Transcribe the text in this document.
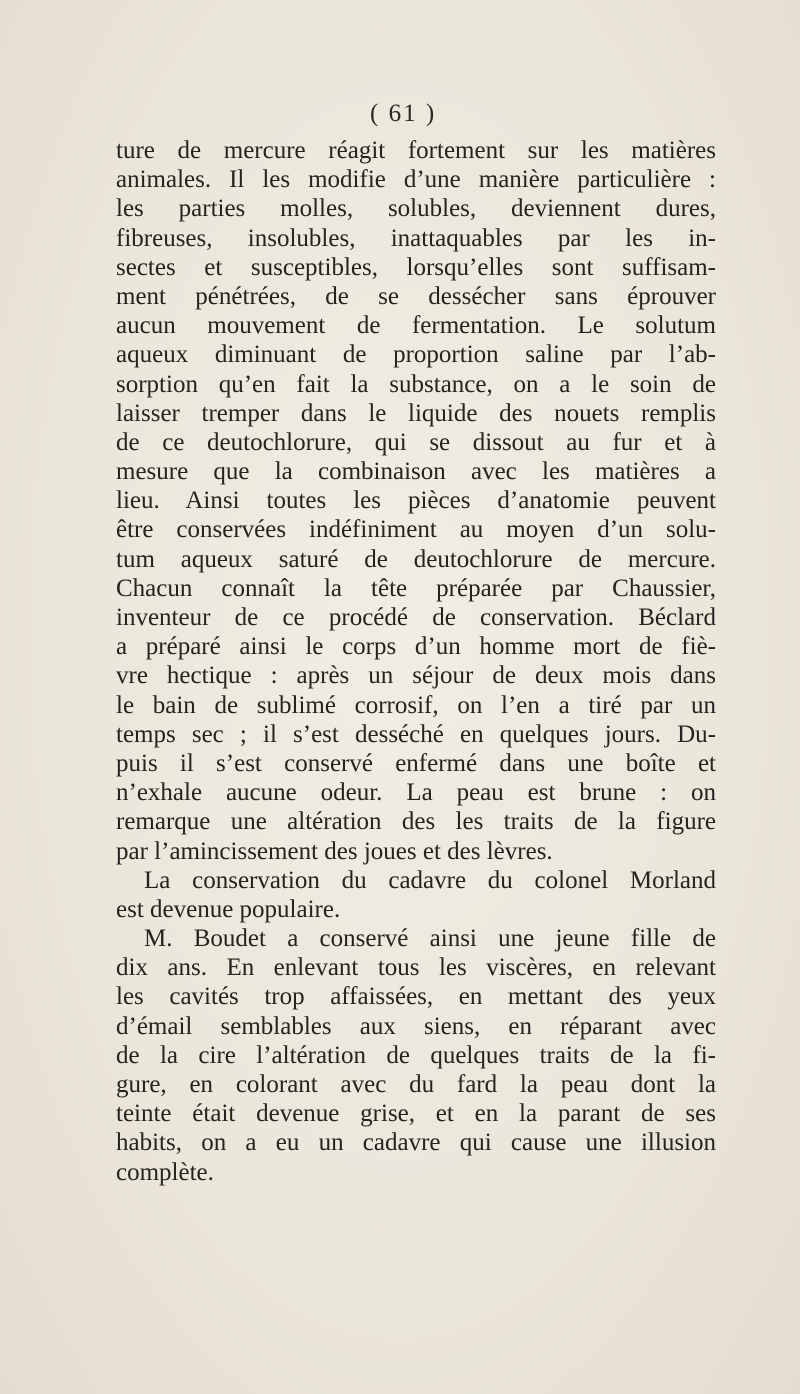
( 61 )
ture de mercure réagit fortement sur les matières
animales. Il les modifie d’une manière particulière :
les parties molles, solubles, deviennent dures,
fibreuses, insolubles, inattaquables par les in-
sectes et susceptibles, lorsqu’elles sont suffisam-
ment pénétrées, de se dessécher sans éprouver
aucun mouvement de fermentation. Le solutum
aqueux diminuant de proportion saline par l’ab-
sorption qu’en fait la substance, on a le soin de
laisser tremper dans le liquide des nouets remplis
de ce deutochlorure, qui se dissout au fur et à
mesure que la combinaison avec les matières a
lieu. Ainsi toutes les pièces d’anatomie peuvent
être conservées indéfiniment au moyen d’un solu-
tum aqueux saturé de deutochlorure de mercure.
Chacun connaît la tête préparée par Chaussier,
inventeur de ce procédé de conservation. Béclard
a préparé ainsi le corps d’un homme mort de fiè-
vre hectique : après un séjour de deux mois dans
le bain de sublimé corrosif, on l’en a tiré par un
temps sec ; il s’est desséché en quelques jours. Du-
puis il s’est conservé enfermé dans une boîte et
n’exhale aucune odeur. La peau est brune : on
remarque une altération des les traits de la figure
par l’amincissement des joues et des lèvres.
La conservation du cadavre du colonel Morland
est devenue populaire.
M. Boudet a conservé ainsi une jeune fille de
dix ans. En enlevant tous les viscères, en relevant
les cavités trop affaissées, en mettant des yeux
d’émail semblables aux siens, en réparant avec
de la cire l’altération de quelques traits de la fi-
gure, en colorant avec du fard la peau dont la
teinte était devenue grise, et en la parant de ses
habits, on a eu un cadavre qui cause une illusion
complète.
